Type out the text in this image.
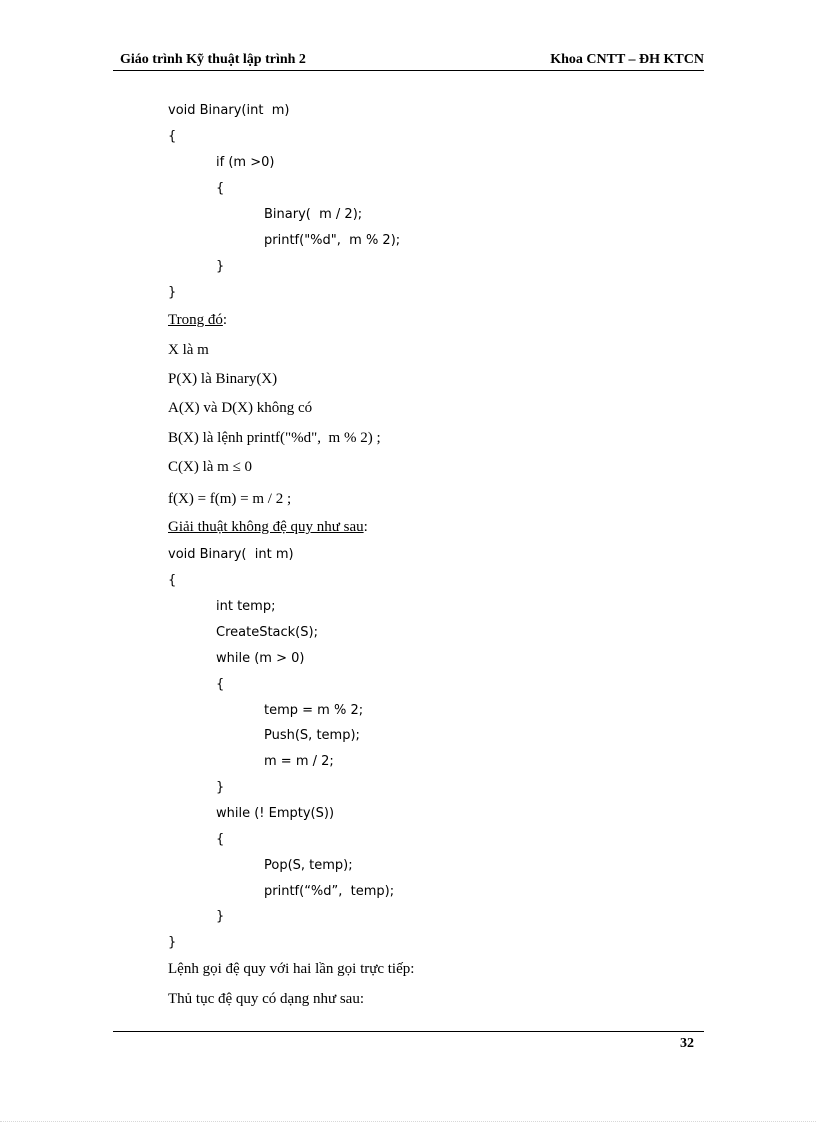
Giáo trình Kỹ thuật lập trình 2	Khoa CNTT – ĐH KTCN
void Binary(int  m)
{
if (m >0)
{
Binary(  m / 2);
printf("%d",  m % 2);
}
}
Trong đó:
X là m
P(X) là Binary(X)
A(X) và D(X) không có
B(X) là lệnh printf("%d",  m % 2) ;
C(X) là m ≤ 0
f(X) = f(m) = m / 2 ;
Giải thuật không đệ quy như sau:
void Binary(  int m)
{
int temp;
CreateStack(S);
while (m > 0)
{
temp = m % 2;
Push(S, temp);
m = m / 2;
}
while (! Empty(S))
{
Pop(S, temp);
printf(“%d”,  temp);
}
}
Lệnh gọi đệ quy với hai lần gọi trực tiếp:
Thủ tục đệ quy có dạng như sau:
32
